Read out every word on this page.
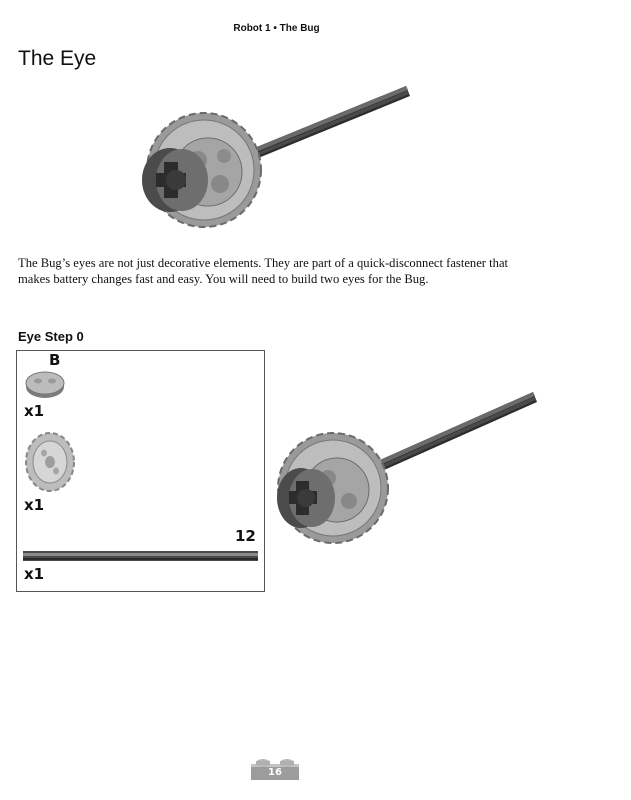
Robot 1 • The Bug
The Eye

The Bug’s eyes are not just decorative elements. They are part of a quick-disconnect fastener that makes battery changes fast and easy. You will need to build two eyes for the Bug.

Eye Step 0
B
x1
x1
12
x1
16
